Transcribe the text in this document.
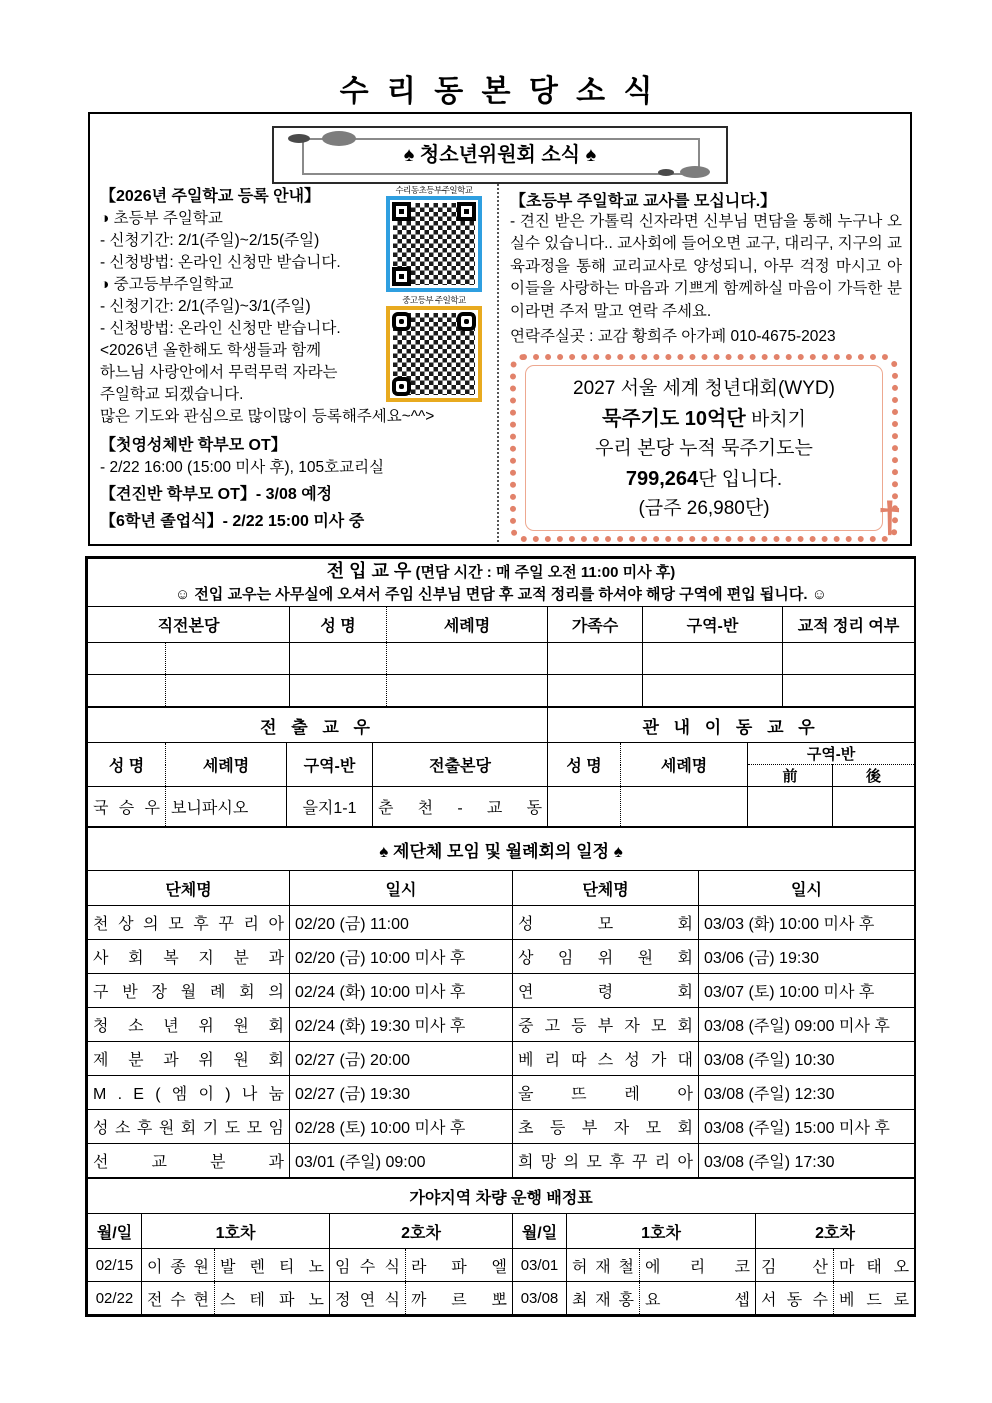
수 리 동 본 당 소 식
♠ 청소년위원회 소식 ♠
【2026년 주일학교 등록 안내】
◑ 초등부 주일학교
- 신청기간: 2/1(주일)~2/15(주일)
- 신청방법: 온라인 신청만 받습니다.
◑ 중고등부주일학교
- 신청기간: 2/1(주일)~3/1(주일)
- 신청방법: 온라인 신청만 받습니다.
<2026년 올한해도 학생들과 함께
하느님 사랑안에서 무럭무럭 자라는
주일학교 되겠습니다.
많은 기도와 관심으로 많이많이 등록해주세요~^^>
【첫영성체반 학부모 OT】
- 2/22 16:00 (15:00 미사 후), 105호교리실
【견진반 학부모 OT】- 3/08 예정
【6학년 졸업식】- 2/22 15:00 미사 중
수리동초등부주일학교
중고등부 주일학교
【초등부 주일학교 교사를 모십니다.】
- 견진 받은 가톨릭 신자라면 신부님 면담을 통해 누구나 오실수 있습니다.. 교사회에 들어오면 교구, 대리구, 지구의 교육과정을 통해 교리교사로 양성되니, 아무 걱정 마시고 아이들을 사랑하는 마음과 기쁘게 함께하실 마음이 가득한 분이라면 주저 말고 연락 주세요.
연락주실곳 : 교감 황희주 아가페 010-4675-2023
2027 서울 세계 청년대회(WYD)
묵주기도 10억단 바치기
우리 본당 누적 묵주기도는
799,264단 입니다.
(금주 26,980단)	†
전 입 교 우 (면담 시간 : 매 주일 오전 11:00 미사 후)
☺ 전입 교우는 사무실에 오셔서 주임 신부님 면담 후 교적 정리를 하셔야 해당 구역에 편입 됩니다. ☺						

직전본당		성 명	세례명	가족수	구역-반	교적 정리 여부

전 출 교 우				관 내 이 동 교 우			
성 명	세례명	구역-반	전출본당	성 명	세례명	구역-반	
						前	後
국 승 우	보니파시오	을지1-1	춘 천 - 교 동				
♠ 제단체 모임 및 월례회의 일정 ♠			
단체명	일시	단체명	일시
천 상 의 모 후 꾸 리 아	02/20 (금) 11:00	성 모 회	03/03 (화) 10:00 미사 후
사 회 복 지 분 과	02/20 (금) 10:00 미사 후	상 임 위 원 회	03/06 (금) 19:30
구 반 장 월 례 회 의	02/24 (화) 10:00 미사 후	연 령 회	03/07 (토) 10:00 미사 후
청 소 년 위 원 회	02/24 (화) 19:30 미사 후	중 고 등 부 자 모 회	03/08 (주일) 09:00 미사 후
제 분 과 위 원 회	02/27 (금) 20:00	베 리 따 스 성 가 대	03/08 (주일) 10:30
M . E ( 엠 이 ) 나 눔	02/27 (금) 19:30	울 뜨 레 아	03/08 (주일) 12:30
성 소 후 원 회 기 도 모 임	02/28 (토) 10:00 미사 후	초 등 부 자 모 회	03/08 (주일) 15:00 미사 후
선 교 분 과	03/01 (주일) 09:00	희 망 의 모 후 꾸 리 아	03/08 (주일) 17:30
가야지역 차량 운행 배정표									
월/일	1호차		2호차		월/일	1호차		2호차	
02/15	이 종 원	발 렌 티 노	임 수 식	라 파 엘	03/01	허 재 철	에 리 코	김 산	마 태 오
02/22	전 수 현	스 테 파 노	정 연 식	까 르 뽀	03/08	최 재 홍	요 셉	서 동 수	베 드 로
